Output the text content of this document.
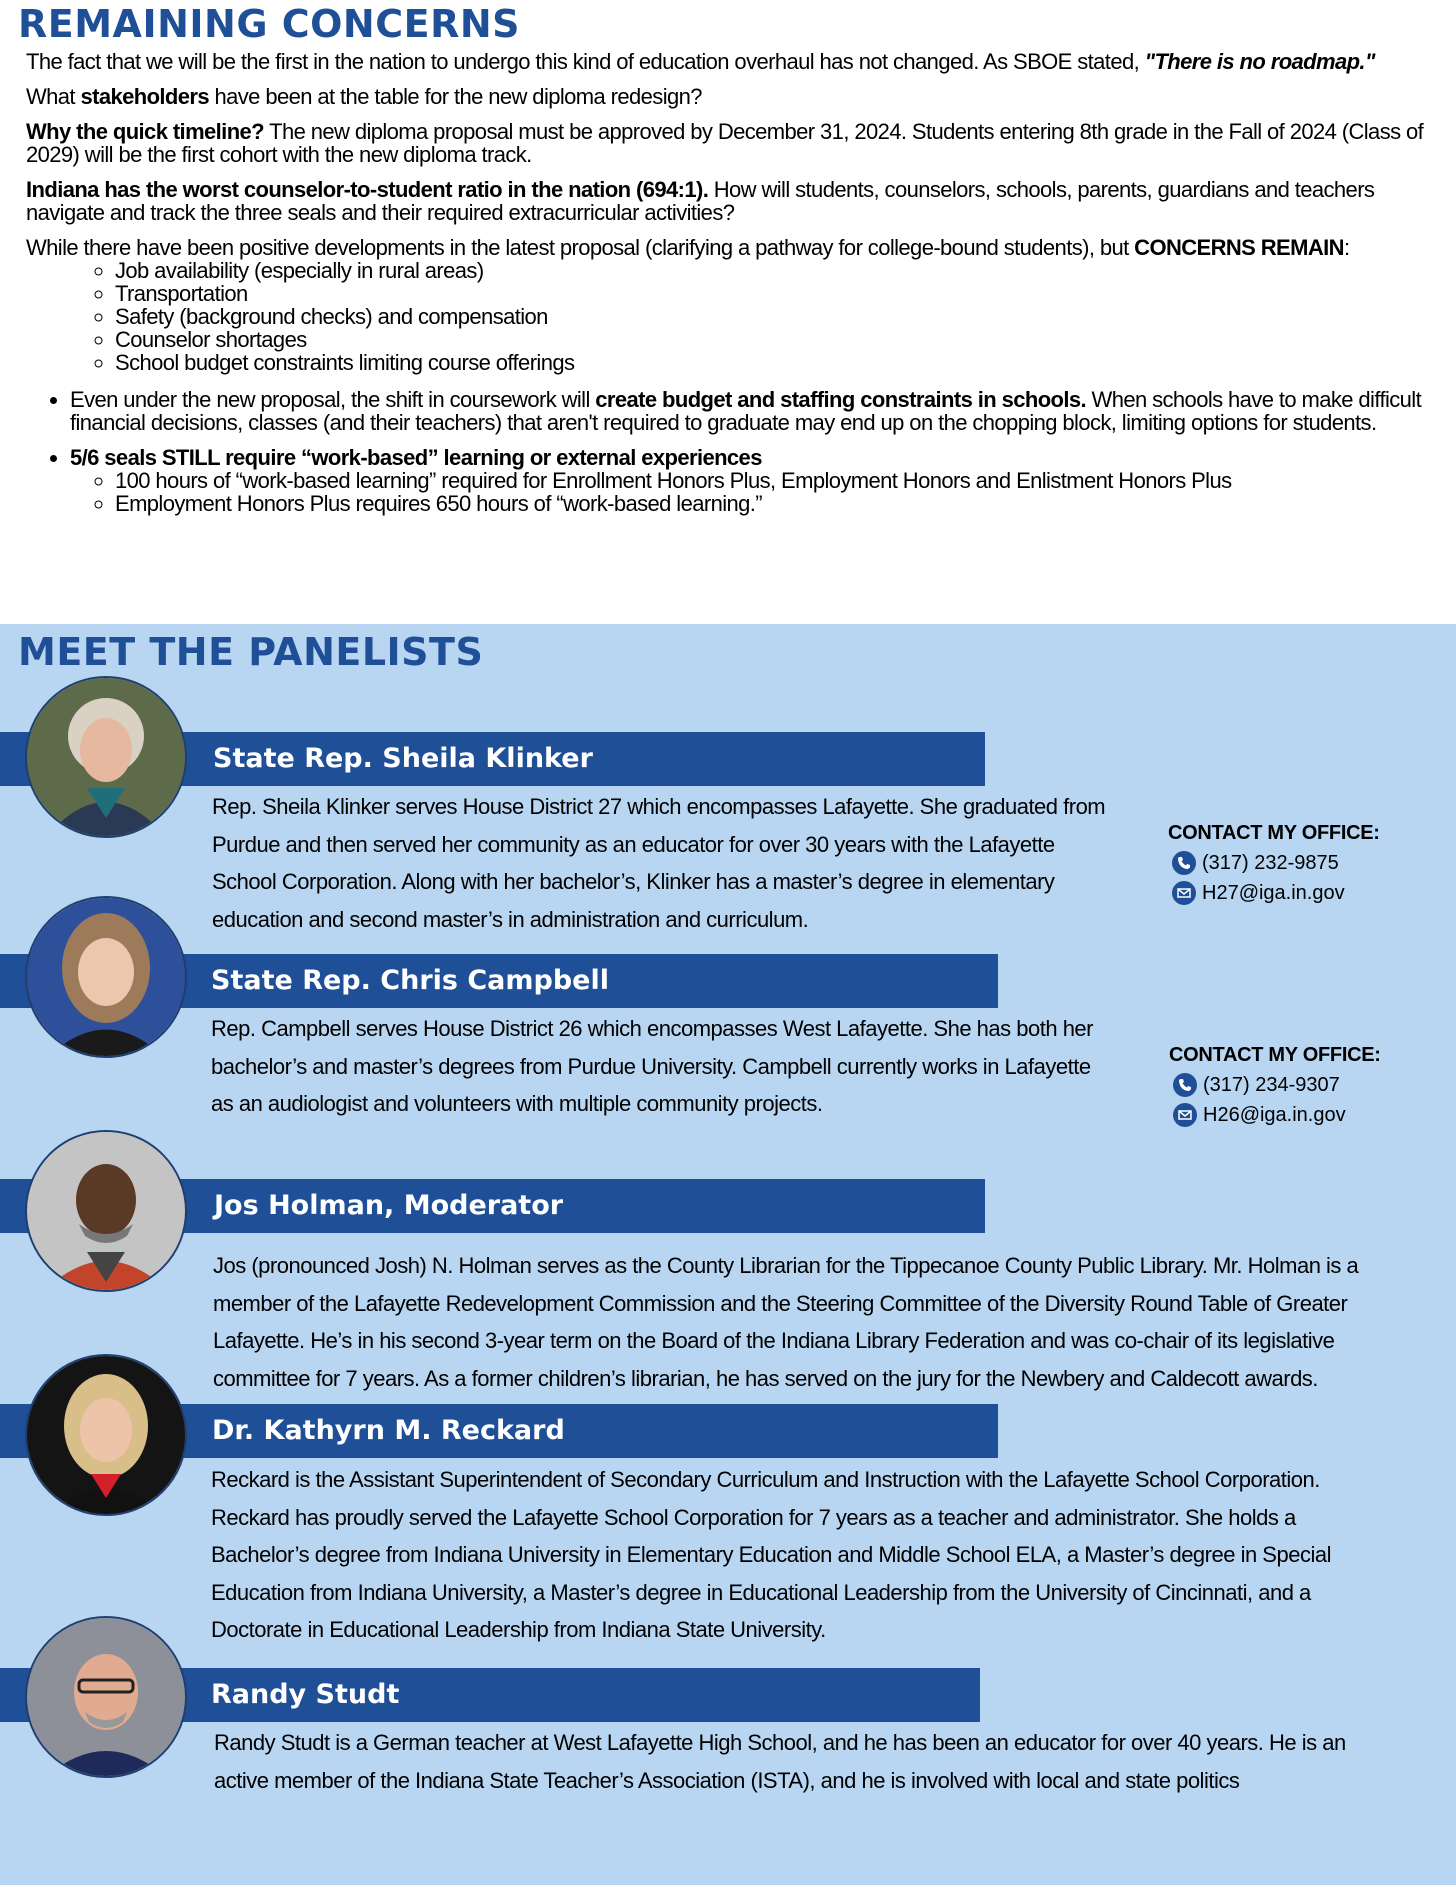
REMAINING CONCERNS

The fact that we will be the first in the nation to undergo this kind of education overhaul has not changed. As SBOE stated, "There is no roadmap."

What stakeholders have been at the table for the new diploma redesign?

Why the quick timeline? The new diploma proposal must be approved by December 31, 2024. Students entering 8th grade in the Fall of 2024 (Class of 2029) will be the first cohort with the new diploma track.

Indiana has the worst counselor-to-student ratio in the nation (694:1). How will students, counselors, schools, parents, guardians and teachers navigate and track the three seals and their required extracurricular activities?

While there have been positive developments in the latest proposal (clarifying a pathway for college-bound students), but CONCERNS REMAIN:

◦ Job availability (especially in rural areas)
◦ Transportation
◦ Safety (background checks) and compensation
◦ Counselor shortages
◦ School budget constraints limiting course offerings
• Even under the new proposal, the shift in coursework will create budget and staffing constraints in schools. When schools have to make difficult financial decisions, classes (and their teachers) that aren't required to graduate may end up on the chopping block, limiting options for students.
• 5/6 seals STILL require “work-based” learning or external experiences
◦ 100 hours of “work-based learning” required for Enrollment Honors Plus, Employment Honors and Enlistment Honors Plus
◦ Employment Honors Plus requires 650 hours of “work-based learning.”
MEET THE PANELISTS
State Rep. Sheila Klinker
Rep. Sheila Klinker serves House District 27 which encompasses Lafayette. She graduated from Purdue and then served her community as an educator for over 30 years with the Lafayette School Corporation. Along with her bachelor’s, Klinker has a master’s degree in elementary education and second master’s in administration and curriculum.
CONTACT MY OFFICE:
(317) 232-9875
H27@iga.in.gov
State Rep. Chris Campbell
Rep. Campbell serves House District 26 which encompasses West Lafayette. She has both her bachelor’s and master’s degrees from Purdue University. Campbell currently works in Lafayette as an audiologist and volunteers with multiple community projects.
CONTACT MY OFFICE:
(317) 234-9307
H26@iga.in.gov
Jos Holman, Moderator
Jos (pronounced Josh) N. Holman serves as the County Librarian for the Tippecanoe County Public Library. Mr. Holman is a member of the Lafayette Redevelopment Commission and the Steering Committee of the Diversity Round Table of Greater Lafayette. He’s in his second 3-year term on the Board of the Indiana Library Federation and was co-chair of its legislative committee for 7 years. As a former children’s librarian, he has served on the jury for the Newbery and Caldecott awards.
Dr. Kathyrn M. Reckard
Reckard is the Assistant Superintendent of Secondary Curriculum and Instruction with the Lafayette School Corporation. Reckard has proudly served the Lafayette School Corporation for 7 years as a teacher and administrator. She holds a Bachelor’s degree from Indiana University in Elementary Education and Middle School ELA, a Master’s degree in Special Education from Indiana University, a Master’s degree in Educational Leadership from the University of Cincinnati, and a Doctorate in Educational Leadership from Indiana State University.
Randy Studt
Randy Studt is a German teacher at West Lafayette High School, and he has been an educator for over 40 years. He is an active member of the Indiana State Teacher’s Association (ISTA), and he is involved with local and state politics
